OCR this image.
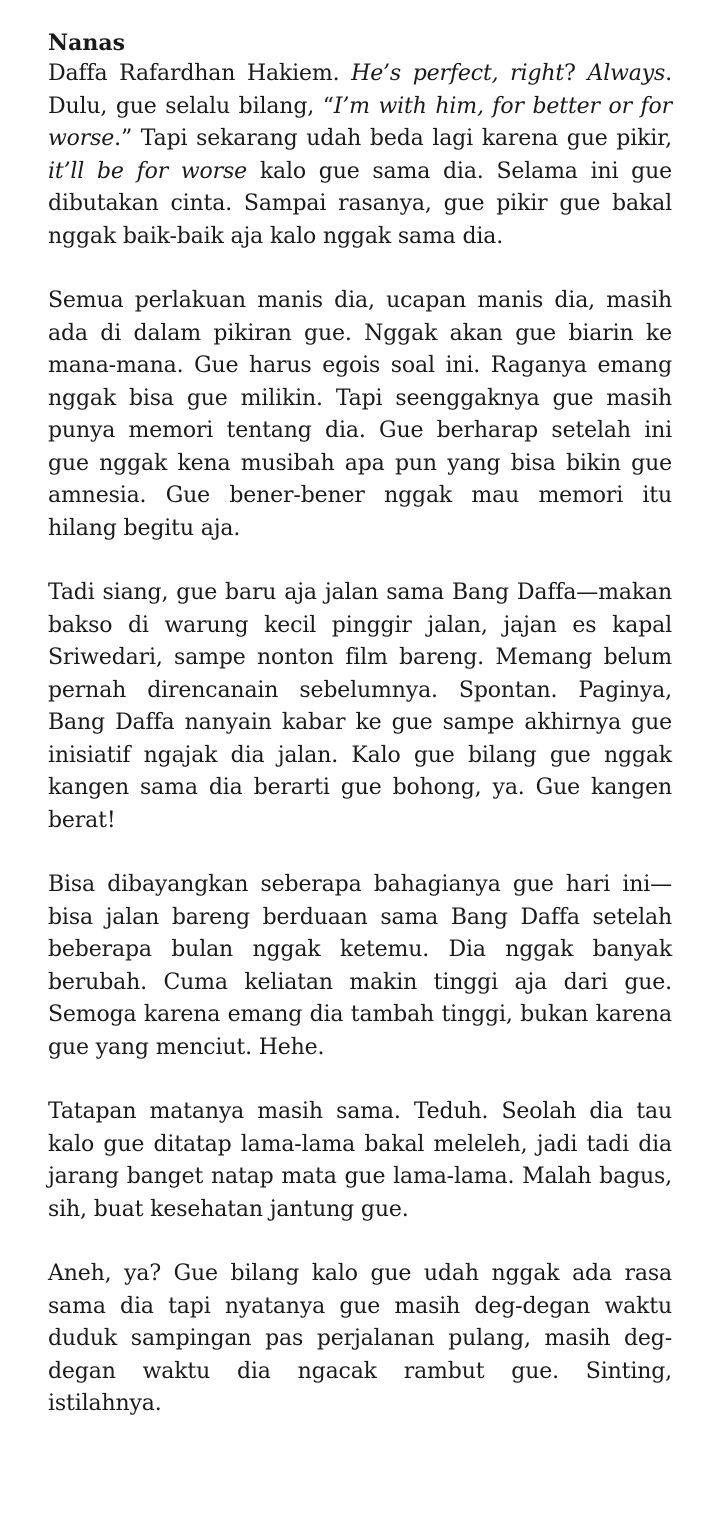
Nanas

Daffa Rafardhan Hakiem. He’s perfect, right? Always. Dulu, gue selalu bilang, “I’m with him, for better or for worse.” Tapi sekarang udah beda lagi karena gue pikir, it’ll be for worse kalo gue sama dia. Selama ini gue dibutakan cinta. Sampai rasanya, gue pikir gue bakal nggak baik-baik aja kalo nggak sama dia.

Semua perlakuan manis dia, ucapan manis dia, masih ada di dalam pikiran gue. Nggak akan gue biarin ke mana-mana. Gue harus egois soal ini. Raganya emang nggak bisa gue milikin. Tapi seenggaknya gue masih punya memori tentang dia. Gue berharap setelah ini gue nggak kena musibah apa pun yang bisa bikin gue amnesia. Gue bener-bener nggak mau memori itu hilang begitu aja.

Tadi siang, gue baru aja jalan sama Bang Daffa—makan bakso di warung kecil pinggir jalan, jajan es kapal Sriwedari, sampe nonton film bareng. Memang belum pernah direncanain sebelumnya. Spontan. Paginya, Bang Daffa nanyain kabar ke gue sampe akhirnya gue inisiatif ngajak dia jalan. Kalo gue bilang gue nggak kangen sama dia berarti gue bohong, ya. Gue kangen berat!

Bisa dibayangkan seberapa bahagianya gue hari ini—bisa jalan bareng berduaan sama Bang Daffa setelah beberapa bulan nggak ketemu. Dia nggak banyak berubah. Cuma keliatan makin tinggi aja dari gue. Semoga karena emang dia tambah tinggi, bukan karena gue yang menciut. Hehe.

Tatapan matanya masih sama. Teduh. Seolah dia tau kalo gue ditatap lama-lama bakal meleleh, jadi tadi dia jarang banget natap mata gue lama-lama. Malah bagus, sih, buat kesehatan jantung gue.

Aneh, ya? Gue bilang kalo gue udah nggak ada rasa sama dia tapi nyatanya gue masih deg-degan waktu duduk sampingan pas perjalanan pulang, masih deg-degan waktu dia ngacak rambut gue. Sinting, istilahnya.
